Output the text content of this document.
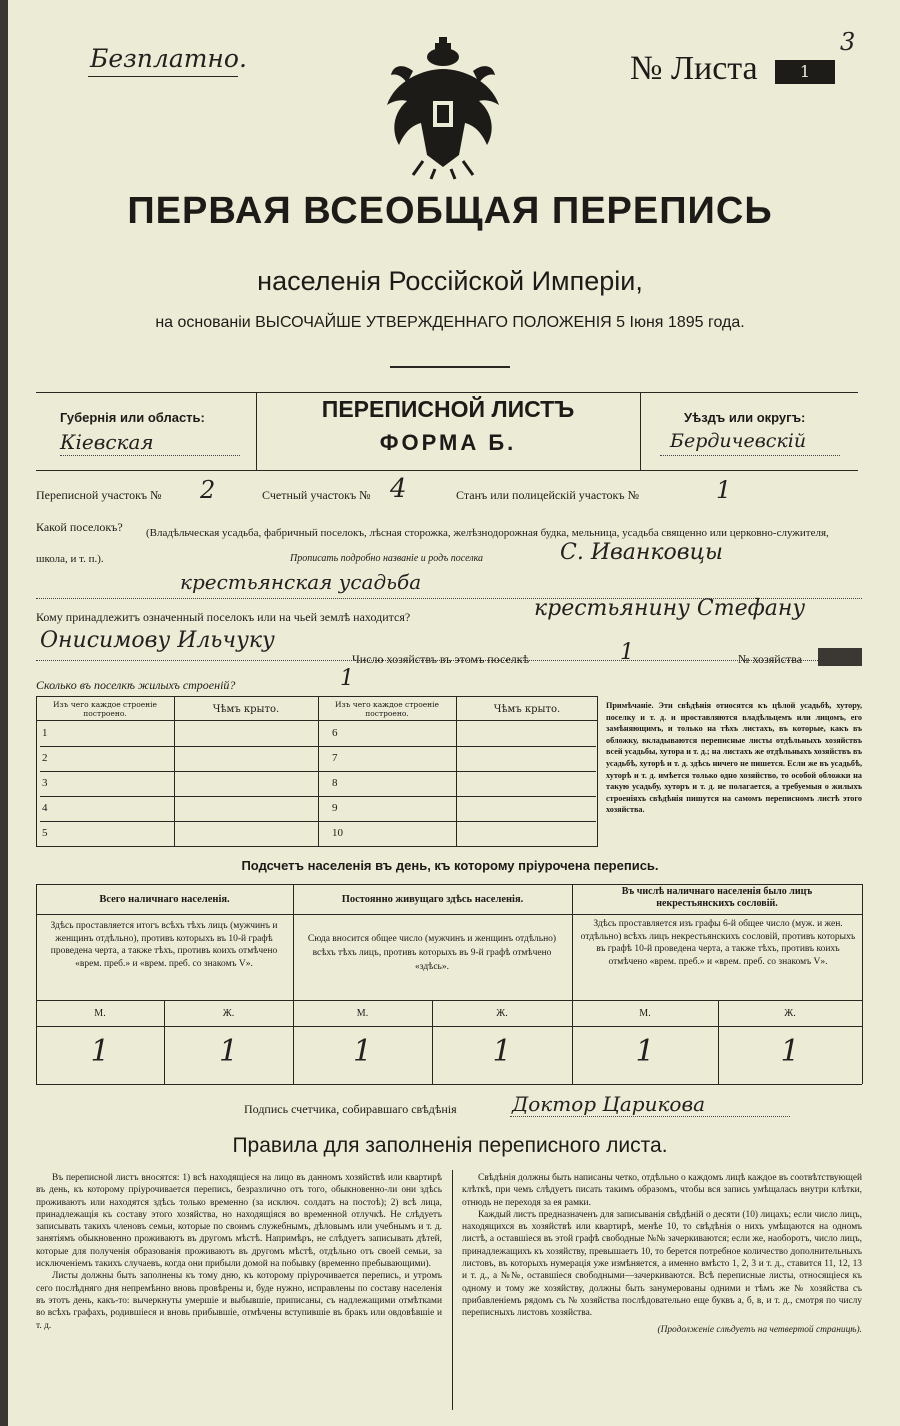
Безплатно.	№ Листа	1
3
ПЕРВАЯ ВСЕОБЩАЯ ПЕРЕПИСЬ
населенія Россійской Имперіи,
на основаніи ВЫСОЧАЙШЕ УТВЕРЖДЕННАГО ПОЛОЖЕНІЯ 5 Іюня 1895 года.
Губернія или область:
Кіевская
ПЕРЕПИСНОЙ ЛИСТЪ
ФОРМА Б.
Уѣздъ или округъ:
Бердичевскій
Переписной участокъ № 2	Счетный участокъ № 4	Станъ или полицейскій участокъ №	1
Какой поселокъ?	(Владѣльческая усадьба, фабричный поселокъ, лѣсная сторожка, желѣзнодорожная будка, мельница, усадьба священно или церковно-служителя, школа, и т. п.).	Прописать подробно названіе и родъ поселка	С. Иванковцы
крестьянская усадьба
Кому принадлежитъ означенный поселокъ или на чьей землѣ находится?	крестьянину Стефану
Онисимову Ильчуку
Число хозяйствъ въ этомъ поселкѣ	1	№ хозяйства
Сколько въ поселкѣ жилыхъ строеній?	1
Изъ чего каждое строеніе построено.	Чѣмъ крыто.	Изъ чего каждое строеніе построено.	Чѣмъ крыто.
1	6
2	7
3	8
4	9
5	10
Примѣчаніе. Эти свѣдѣнія относятся къ цѣлой усадьбѣ, хутору, поселку и т. д. и проставляются владѣльцемъ или лицомъ, его замѣняющимъ, и только на тѣхъ листахъ, въ которые, какъ въ обложку, вкладываются переписные листы отдѣльныхъ хозяйствъ всей усадьбы, хутора и т. д.; на листахъ же отдѣльныхъ хозяйствъ въ усадьбѣ, хуторѣ и т. д. здѣсь ничего не пишется. Если же въ усадьбѣ, хуторѣ и т. д. имѣется только одно хозяйство, то особой обложки на такую усадьбу, хуторъ и т. д. не полагается, а требуемыя о жилыхъ строеніяхъ свѣдѣнія пишутся на самомъ переписномъ листѣ этого хозяйства.
Подсчетъ населенія въ день, къ которому пріурочена перепись.
Всего наличнаго населенія.	Постоянно живущаго здѣсь населенія.
Въ числѣ наличнаго населенія было лицъ некрестьянскихъ сословій.
Здѣсь проставляется итогъ всѣхъ тѣхъ лицъ (мужчинъ и женщинъ отдѣльно), противъ которыхъ въ 10-й графѣ проведена черта, а также тѣхъ, противъ коихъ отмѣчено «врем. преб.» и «врем. преб. со знакомъ V».
Сюда вносится общее число (мужчинъ и женщинъ отдѣльно) всѣхъ тѣхъ лицъ, противъ которыхъ въ 9-й графѣ отмѣчено «здѣсь».
Здѣсь проставляется изъ графы 6-й общее число (муж. и жен. отдѣльно) всѣхъ лицъ некрестьянскихъ сословій, противъ которыхъ въ графѣ 10-й проведена черта, а также тѣхъ, противъ коихъ отмѣчено «врем. преб.» и «врем. преб. со знакомъ V».
М.	Ж.	М.	Ж.	М.	Ж.
1	1	1	1	1	1
Подпись счетчика, собиравшаго свѣдѣнія	Доктор Царикова
Правила для заполненія переписного листа.
Въ переписной листъ вносятся: 1) всѣ находящіеся на лицо въ данномъ хозяйствѣ или квартирѣ въ день, къ которому пріурочивается перепись, безразлично отъ того, обыкновенно-ли они здѣсь проживаютъ или находятся здѣсь только временно (за исключ. солдатъ на постоѣ); 2) всѣ лица, принадлежащія къ составу этого хозяйства, но находящіяся во временной отлучкѣ. Не слѣдуетъ записывать такихъ членовъ семьи, которые по своимъ служебнымъ, дѣловымъ или учебнымъ и т. д. занятіямъ обыкновенно проживаютъ въ другомъ мѣстѣ. Напримѣръ, не слѣдуетъ записывать дѣтей, которые для полученія образованія проживаютъ въ другомъ мѣстѣ, отдѣльно отъ своей семьи, за исключеніемъ такихъ случаевъ, когда они прибыли домой на побывку (временно пребывающими).
Листы должны быть заполнены къ тому дню, къ которому пріурочивается перепись, и утромъ сего послѣдняго дня непремѣнно вновь провѣрены и, буде нужно, исправлены по составу населенія въ этотъ день, какъ-то: вычеркнуты умершіе и выбывшіе, приписаны, съ надлежащими отмѣтками во всѣхъ графахъ, родившіеся и вновь прибывшіе, отмѣчены вступившіе въ бракъ или овдовѣвшіе и т. д.
Свѣдѣнія должны быть написаны четко, отдѣльно о каждомъ лицѣ каждое въ соотвѣтствующей клѣткѣ, при чемъ слѣдуетъ писать такимъ образомъ, чтобы вся запись умѣщалась внутри клѣтки, отнюдь не переходя за ея рамки.
Каждый листъ предназначенъ для записыванія свѣдѣній о десяти (10) лицахъ; если число лицъ, находящихся въ хозяйствѣ или квартирѣ, менѣе 10, то свѣдѣнія о нихъ умѣщаются на одномъ листѣ, а оставшіеся въ этой графѣ свободные №№ зачеркиваются; если же, наоборотъ, число лицъ, принадлежащихъ къ хозяйству, превышаетъ 10, то берется потребное количество дополнительныхъ листовъ, въ которыхъ нумерація уже измѣняется, а именно вмѣсто 1, 2, 3 и т. д., ставится 11, 12, 13 и т. д., а №№, оставшіеся свободными—зачеркиваются. Всѣ переписные листы, относящіеся къ одному и тому же хозяйству, должны быть занумерованы одними и тѣмъ же № хозяйства съ прибавленіемъ рядомъ съ № хозяйства послѣдовательно еще буквъ а, б, в, и т. д., смотря по числу переписныхъ листовъ хозяйства.
(Продолженіе слѣдуетъ на четвертой страницѣ).
